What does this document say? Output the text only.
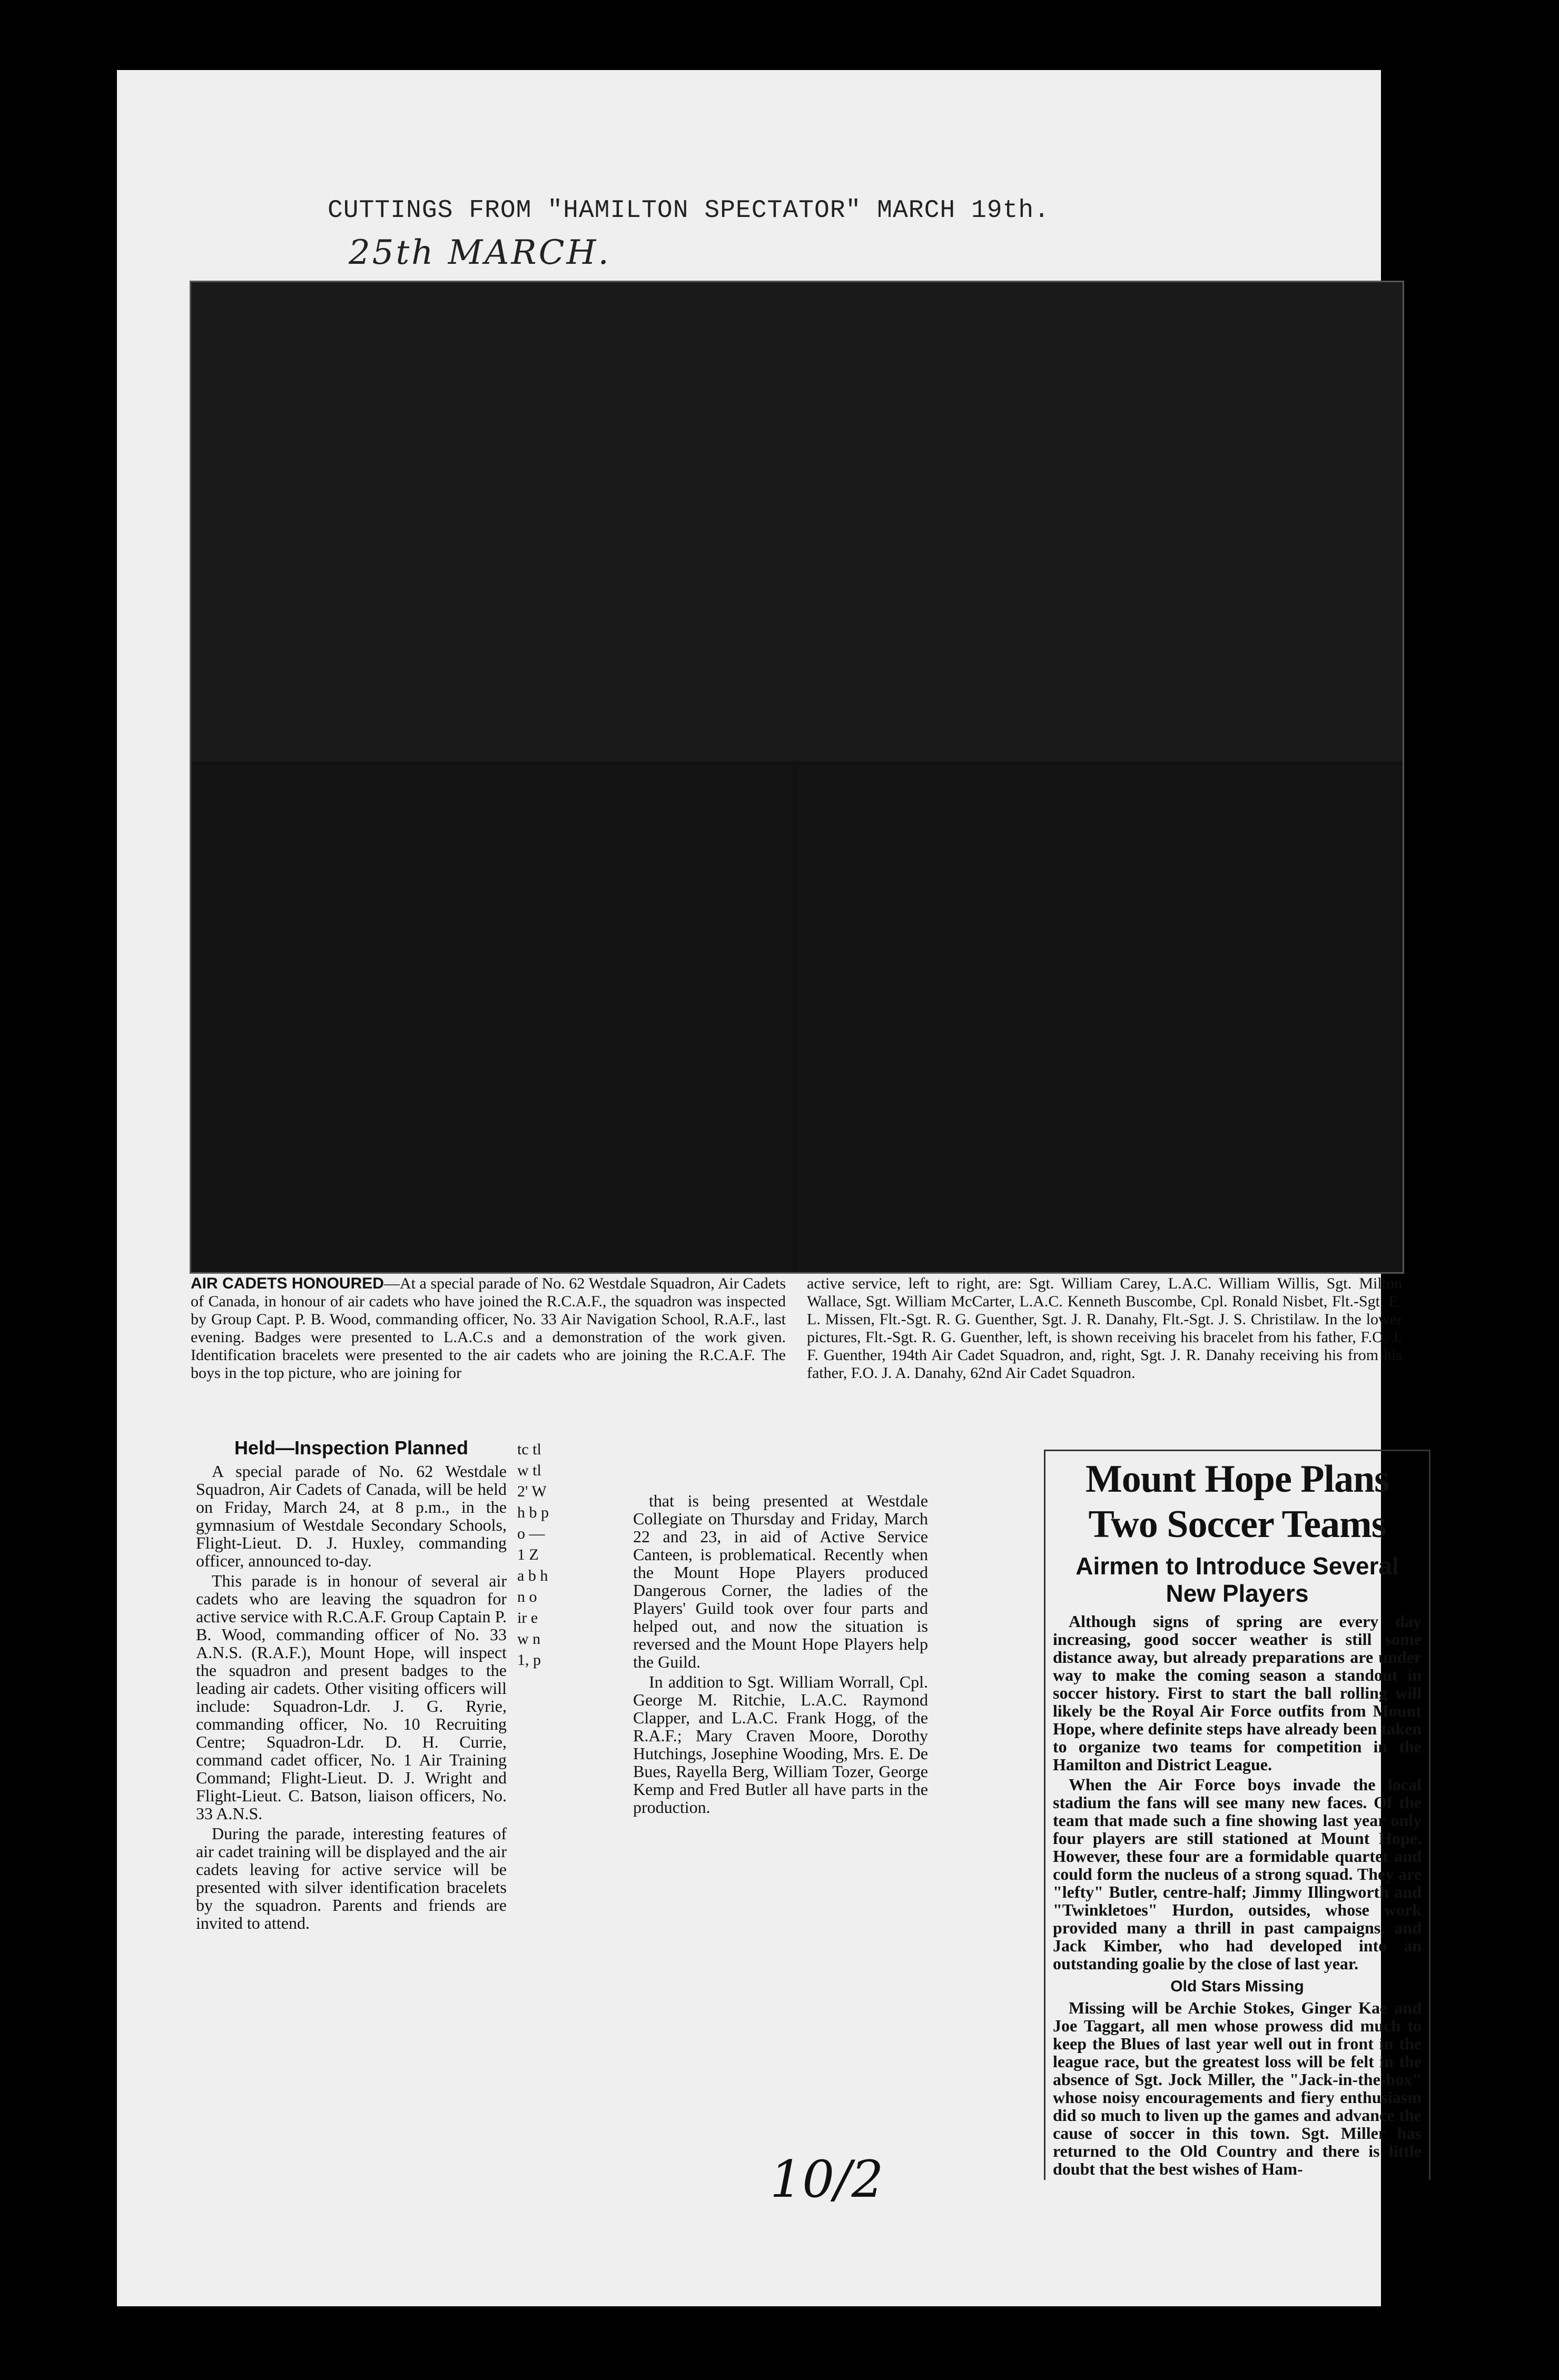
CUTTINGS FROM "HAMILTON SPECTATOR" MARCH 19th.
25th MARCH.
AIR CADETS HONOURED—At a special parade of No. 62 Westdale Squadron, Air Cadets of Canada, in honour of air cadets who have joined the R.C.A.F., the squadron was inspected by Group Capt. P. B. Wood, commanding officer, No. 33 Air Navigation School, R.A.F., last evening. Badges were presented to L.A.C.s and a demonstration of the work given. Identification bracelets were presented to the air cadets who are joining the R.C.A.F. The boys in the top picture, who are joining for
active service, left to right, are: Sgt. William Carey, L.A.C. William Willis, Sgt. Milton Wallace, Sgt. William McCarter, L.A.C. Kenneth Buscombe, Cpl. Ronald Nisbet, Flt.-Sgt. E. L. Missen, Flt.-Sgt. R. G. Guenther, Sgt. J. R. Danahy, Flt.-Sgt. J. S. Christilaw. In the lower pictures, Flt.-Sgt. R. G. Guenther, left, is shown receiving his bracelet from his father, F.O. J. F. Guenther, 194th Air Cadet Squadron, and, right, Sgt. J. R. Danahy receiving his from his father, F.O. J. A. Danahy, 62nd Air Cadet Squadron.
Held—Inspection Planned

A special parade of No. 62 Westdale Squadron, Air Cadets of Canada, will be held on Friday, March 24, at 8 p.m., in the gymnasium of Westdale Secondary Schools, Flight-Lieut. D. J. Huxley, commanding officer, announced to-day.

This parade is in honour of several air cadets who are leaving the squadron for active service with R.C.A.F. Group Captain P. B. Wood, commanding officer of No. 33 A.N.S. (R.A.F.), Mount Hope, will inspect the squadron and present badges to the leading air cadets. Other visiting officers will include: Squadron-Ldr. J. G. Ryrie, commanding officer, No. 10 Recruiting Centre; Squadron-Ldr. D. H. Currie, command cadet officer, No. 1 Air Training Command; Flight-Lieut. D. J. Wright and Flight-Lieut. C. Batson, liaison officers, No. 33 A.N.S.

During the parade, interesting features of air cadet training will be displayed and the air cadets leaving for active service will be presented with silver identification bracelets by the squadron. Parents and friends are invited to attend.

tc tl w tl 2' W h b p o — 1 Z a b h n o ir e w n 1, p

that is being presented at Westdale Collegiate on Thursday and Friday, March 22 and 23, in aid of Active Service Canteen, is problematical. Recently when the Mount Hope Players produced Dangerous Corner, the ladies of the Players' Guild took over four parts and helped out, and now the situation is reversed and the Mount Hope Players help the Guild.

In addition to Sgt. William Worrall, Cpl. George M. Ritchie, L.A.C. Raymond Clapper, and L.A.C. Frank Hogg, of the R.A.F.; Mary Craven Moore, Dorothy Hutchings, Josephine Wooding, Mrs. E. De Bues, Rayella Berg, William Tozer, George Kemp and Fred Butler all have parts in the production.

Mount Hope Plans Two Soccer Teams
Airmen to Introduce Several New Players

Although signs of spring are every day increasing, good soccer weather is still some distance away, but already preparations are under way to make the coming season a standout in soccer history. First to start the ball rolling will likely be the Royal Air Force outfits from Mount Hope, where definite steps have already been taken to organize two teams for competition in the Hamilton and District League.

When the Air Force boys invade the local stadium the fans will see many new faces. Of the team that made such a fine showing last year only four players are still stationed at Mount Hope. However, these four are a formidable quartet and could form the nucleus of a strong squad. They are "lefty" Butler, centre-half; Jimmy Illingworth and "Twinkletoes" Hurdon, outsides, whose work provided many a thrill in past campaigns, and Jack Kimber, who had developed into an outstanding goalie by the close of last year.

Old Stars Missing

Missing will be Archie Stokes, Ginger Kae and Joe Taggart, all men whose prowess did much to keep the Blues of last year well out in front in the league race, but the greatest loss will be felt in the absence of Sgt. Jock Miller, the "Jack-in-the-box" whose noisy encouragements and fiery enthusiasm did so much to liven up the games and advance the cause of soccer in this town. Sgt. Miller has returned to the Old Country and there is little doubt that the best wishes of Ham-

10/2
